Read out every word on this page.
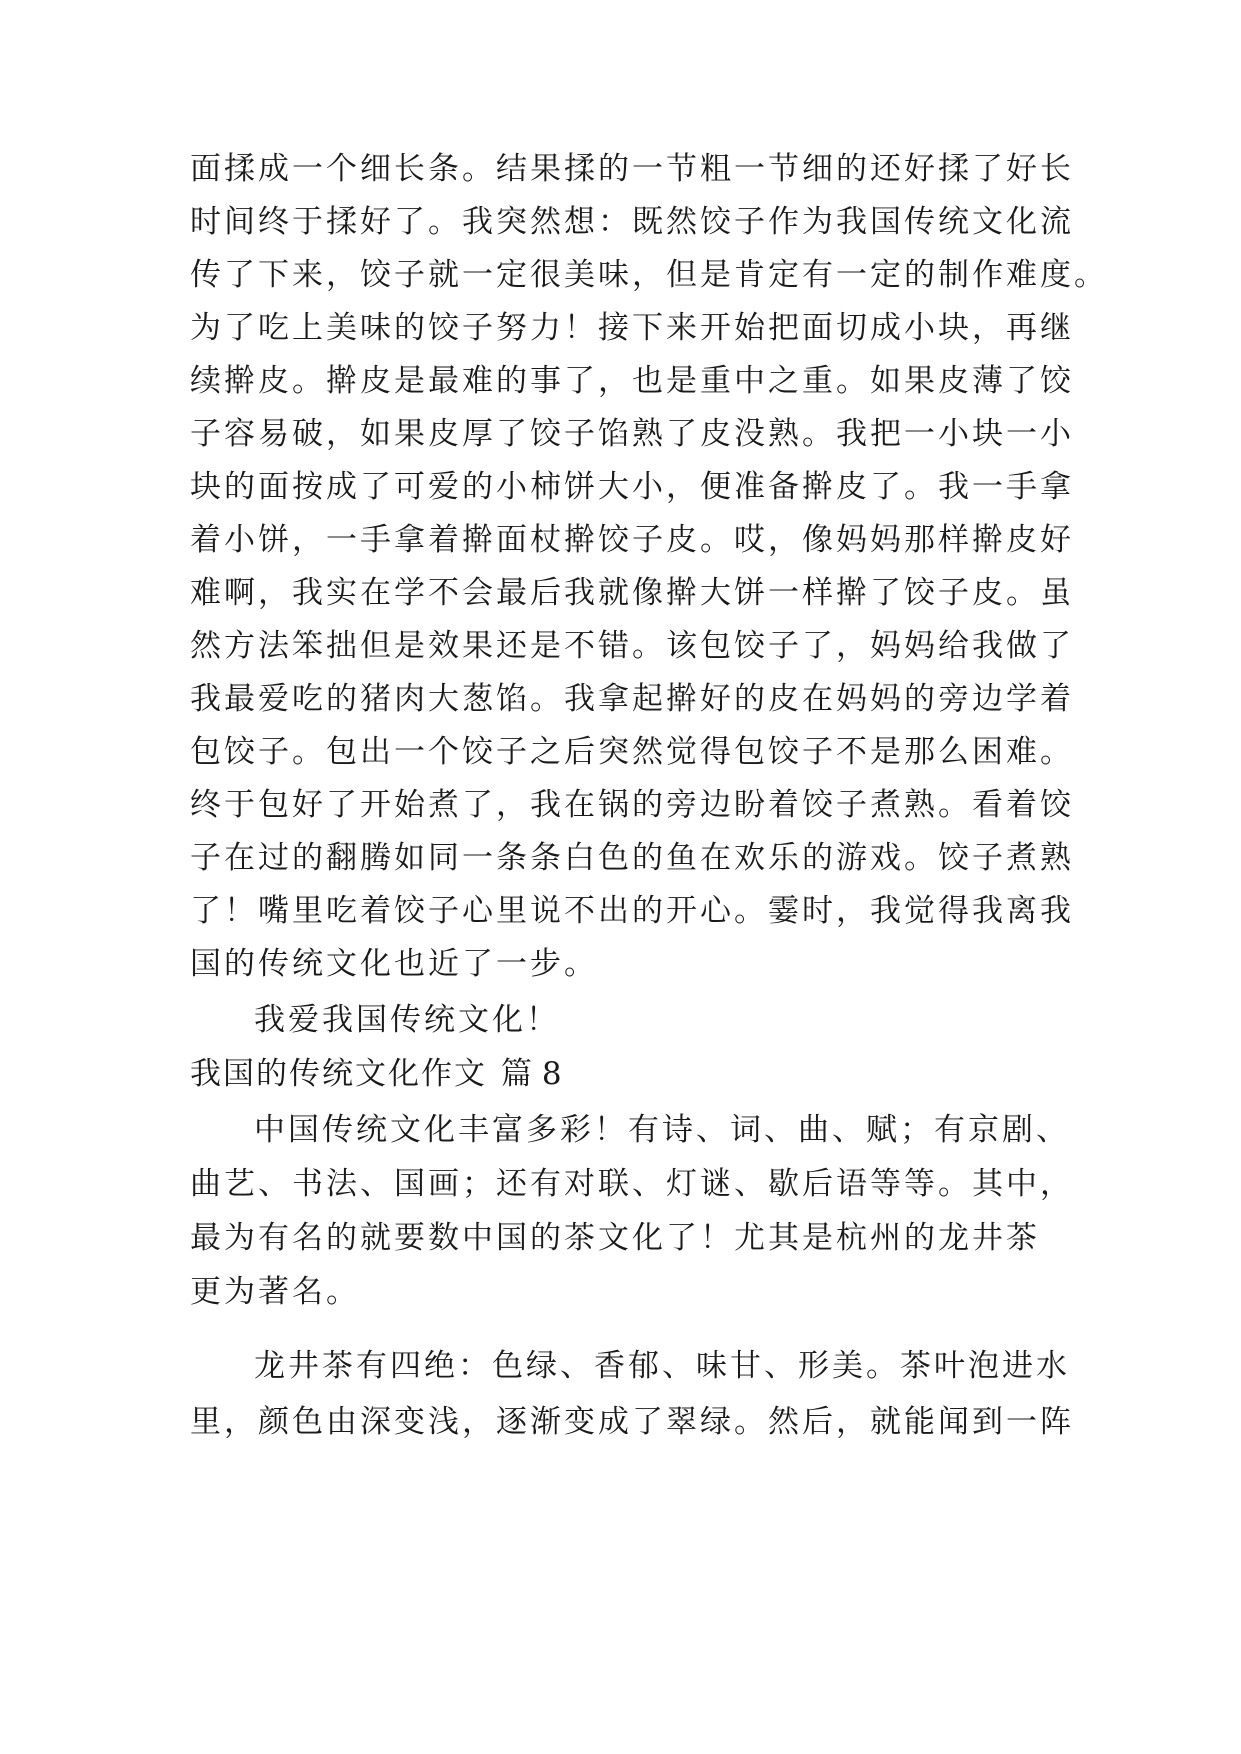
面揉成一个细长条。结果揉的一节粗一节细的还好揉了好长
时间终于揉好了。我突然想：既然饺子作为我国传统文化流
传了下来，饺子就一定很美味，但是肯定有一定的制作难度。
为了吃上美味的饺子努力！接下来开始把面切成小块，再继
续擀皮。擀皮是最难的事了，也是重中之重。如果皮薄了饺
子容易破，如果皮厚了饺子馅熟了皮没熟。我把一小块一小
块的面按成了可爱的小柿饼大小，便准备擀皮了。我一手拿
着小饼，一手拿着擀面杖擀饺子皮。哎，像妈妈那样擀皮好
难啊，我实在学不会最后我就像擀大饼一样擀了饺子皮。虽
然方法笨拙但是效果还是不错。该包饺子了，妈妈给我做了
我最爱吃的猪肉大葱馅。我拿起擀好的皮在妈妈的旁边学着
包饺子。包出一个饺子之后突然觉得包饺子不是那么困难。
终于包好了开始煮了，我在锅的旁边盼着饺子煮熟。看着饺
子在过的翻腾如同一条条白色的鱼在欢乐的游戏。饺子煮熟
了！嘴里吃着饺子心里说不出的开心。霎时，我觉得我离我
国的传统文化也近了一步。
我爱我国传统文化！
我国的传统文化作文 篇 8
中国传统文化丰富多彩！有诗、词、曲、赋；有京剧、
曲艺、书法、国画；还有对联、灯谜、歇后语等等。其中，
最为有名的就要数中国的茶文化了！尤其是杭州的龙井茶
更为著名。
龙井茶有四绝：色绿、香郁、味甘、形美。茶叶泡进水
里，颜色由深变浅，逐渐变成了翠绿。然后，就能闻到一阵
